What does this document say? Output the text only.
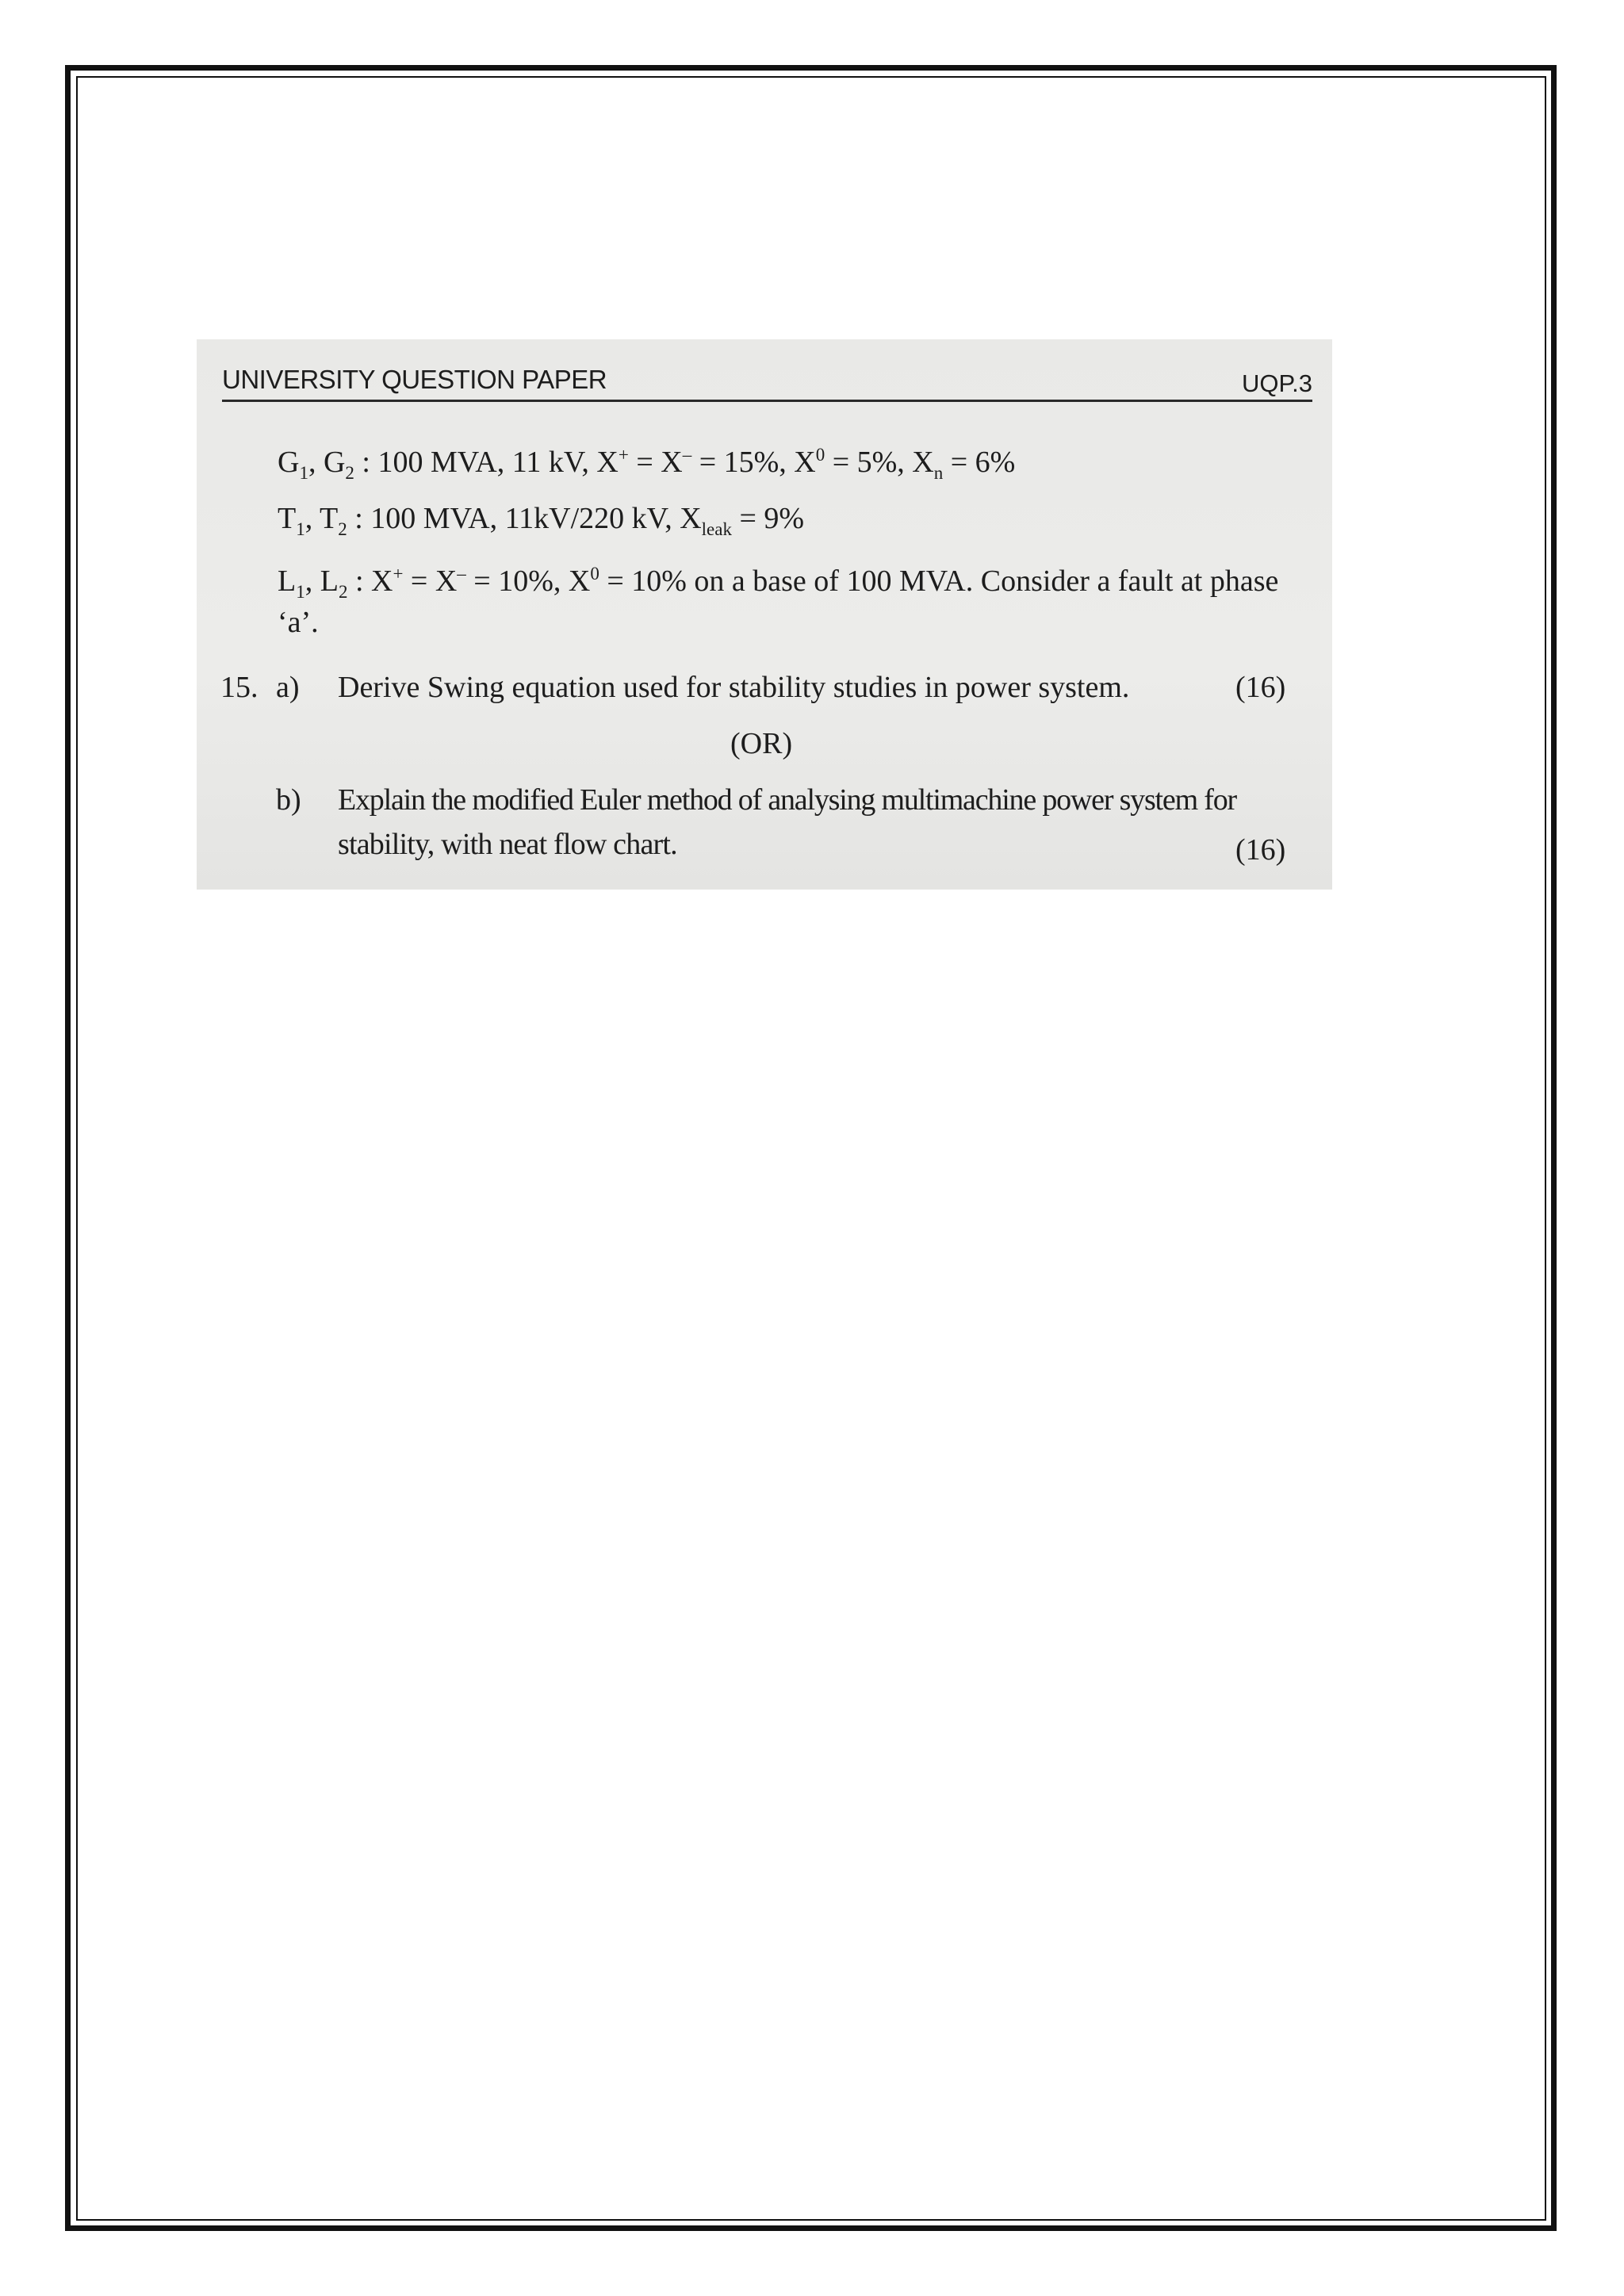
UNIVERSITY QUESTION PAPER	UQP.3
$G_1$, $G_2$ : 100 MVA, 11 kV, X+ = X– = 15%, $X^0 = 5\%$, $X_n = 6\%$
$T_1$, $T_2$ : 100 MVA, 11kV/220 kV, $X_{leak} = 9\%$
$L_1$, $L_2$ : X+ = X– = 10%, $X^0 = 10\%$ on a base of 100 MVA. Consider a fault at phase
‘a’.
15. a) Derive Swing equation used for stability studies in power system.	(16)
(OR)
b) Explain the modified Euler method of analysing multimachine power system for
stability, with neat flow chart.	(16)
